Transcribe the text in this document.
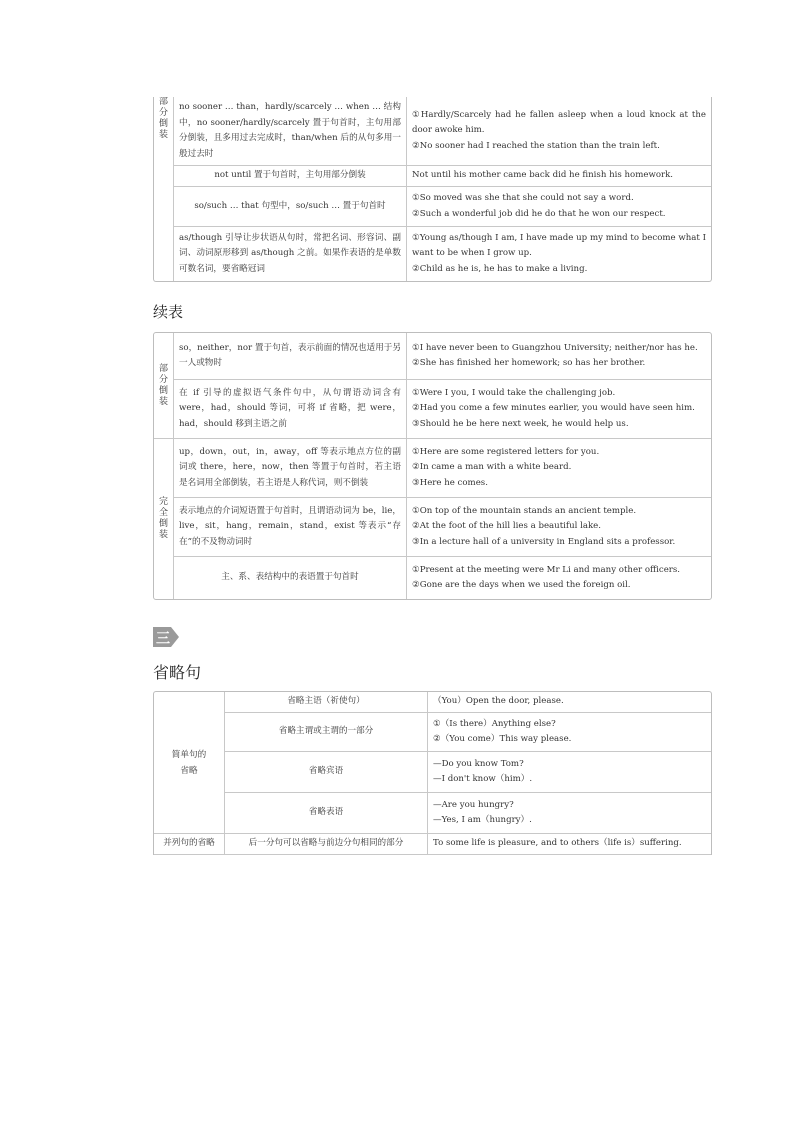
部分倒装	no sooner … than，hardly/scarcely … when … 结构中，no sooner/hardly/scarcely 置于句首时，主句用部分倒装，且多用过去完成时，than/when 后的从句多用一般过去时	①Hardly/Scarcely had he fallen asleep when a loud knock at the door awoke him.
②No sooner had I reached the station than the train left.

	not until 置于句首时，主句用部分倒装	Not until his mother came back did he finish his homework.

	so/such … that 句型中，so/such … 置于句首时	①So moved was she that she could not say a word.
②Such a wonderful job did he do that he won our respect.

	as/though 引导让步状语从句时，常把名词、形容词、副词、动词原形移到 as/though 之前。如果作表语的是单数可数名词，要省略冠词	①Young as/though I am, I have made up my mind to become what I want to be when I grow up.
②Child as he is, he has to make a living.
续表
部分倒装	so，neither，nor 置于句首，表示前面的情况也适用于另一人或物时	①I have never been to Guangzhou University; neither/nor has he.
②She has finished her homework; so has her brother.

	在 if 引导的虚拟语气条件句中，从句谓语动词含有 were，had，should 等词，可将 if 省略，把 were，had，should 移到主语之前	①Were I you, I would take the challenging job.
②Had you come a few minutes earlier, you would have seen him.
③Should he be here next week, he would help us.

完全倒装	up，down，out，in，away，off 等表示地点方位的副词或 there，here，now，then 等置于句首时，若主语是名词用全部倒装，若主语是人称代词，则不倒装	①Here are some registered letters for you.
②In came a man with a white beard.
③Here he comes.

	表示地点的介词短语置于句首时，且谓语动词为 be，lie，live，sit，hang，remain，stand，exist 等表示“存在”的不及物动词时	①On top of the mountain stands an ancient temple.
②At the foot of the hill lies a beautiful lake.
③In a lecture hall of a university in England sits a professor.

	主、系、表结构中的表语置于句首时	①Present at the meeting were Mr Li and many other officers.
②Gone are the days when we used the foreign oil.
三
省略句
简单句的省略	省略主语（祈使句）	（You）Open the door, please.

	省略主谓或主谓的一部分	①（Is there）Anything else?
②（You come）This way please.

	省略宾语	—Do you know Tom?
—I don't know（him）.

	省略表语	—Are you hungry?
—Yes, I am（hungry）.

并列句的省略	后一分句可以省略与前边分句相同的部分	To some life is pleasure, and to others（life is）suffering.
